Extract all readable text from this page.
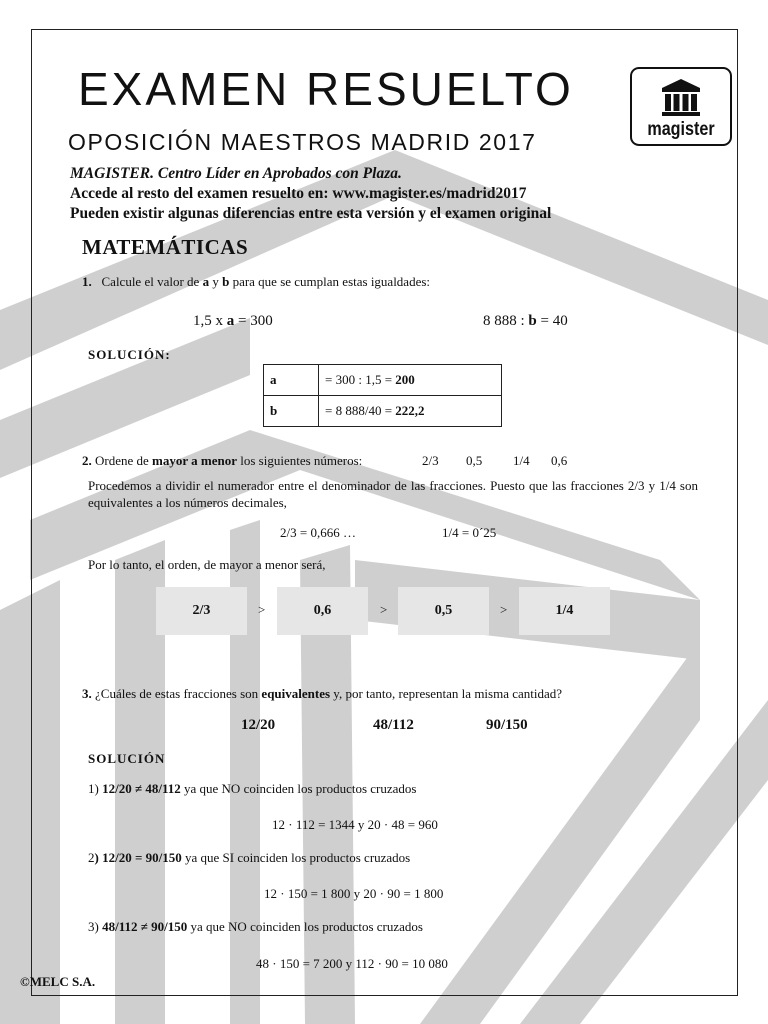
EXAMEN RESUELTO
OPOSICIÓN MAESTROS MADRID 2017	magister
MAGISTER. Centro Líder en Aprobados con Plaza.
Accede al resto del examen resuelto en: www.magister.es/madrid2017
Pueden existir algunas diferencias entre esta versión y el examen original
MATEMÁTICAS
1. Calcule el valor de a y b para que se cumplan estas igualdades:
1,5 x a = 300	8 888 : b = 40
SOLUCIÓN:
a	= 300 : 1,5 = 200
b	= 8 888/40 = 222,2
2. Ordene de mayor a menor los siguientes números:	2/3 0,5 1/4 0,6
Procedemos a dividir el numerador entre el denominador de las fracciones. Puesto que las fracciones 2/3 y 1/4 son equivalentes a los números decimales,
2/3 = 0,666 …	1/4 = 0´25
Por lo tanto, el orden, de mayor a menor será,
2/3	>	0,6	>	0,5	>	1/4
3. ¿Cuáles de estas fracciones son equivalentes y, por tanto, representan la misma cantidad?
12/20	48/112	90/150
SOLUCIÓN
1) 12/20 ≠ 48/112 ya que NO coinciden los productos cruzados
12 · 112 = 1344 y 20 · 48 = 960
2) 12/20 = 90/150 ya que SI coinciden los productos cruzados
12 · 150 = 1 800 y 20 · 90 = 1 800
3) 48/112 ≠ 90/150 ya que NO coinciden los productos cruzados
48 · 150 = 7 200 y 112 · 90 = 10 080
©MELC S.A.
